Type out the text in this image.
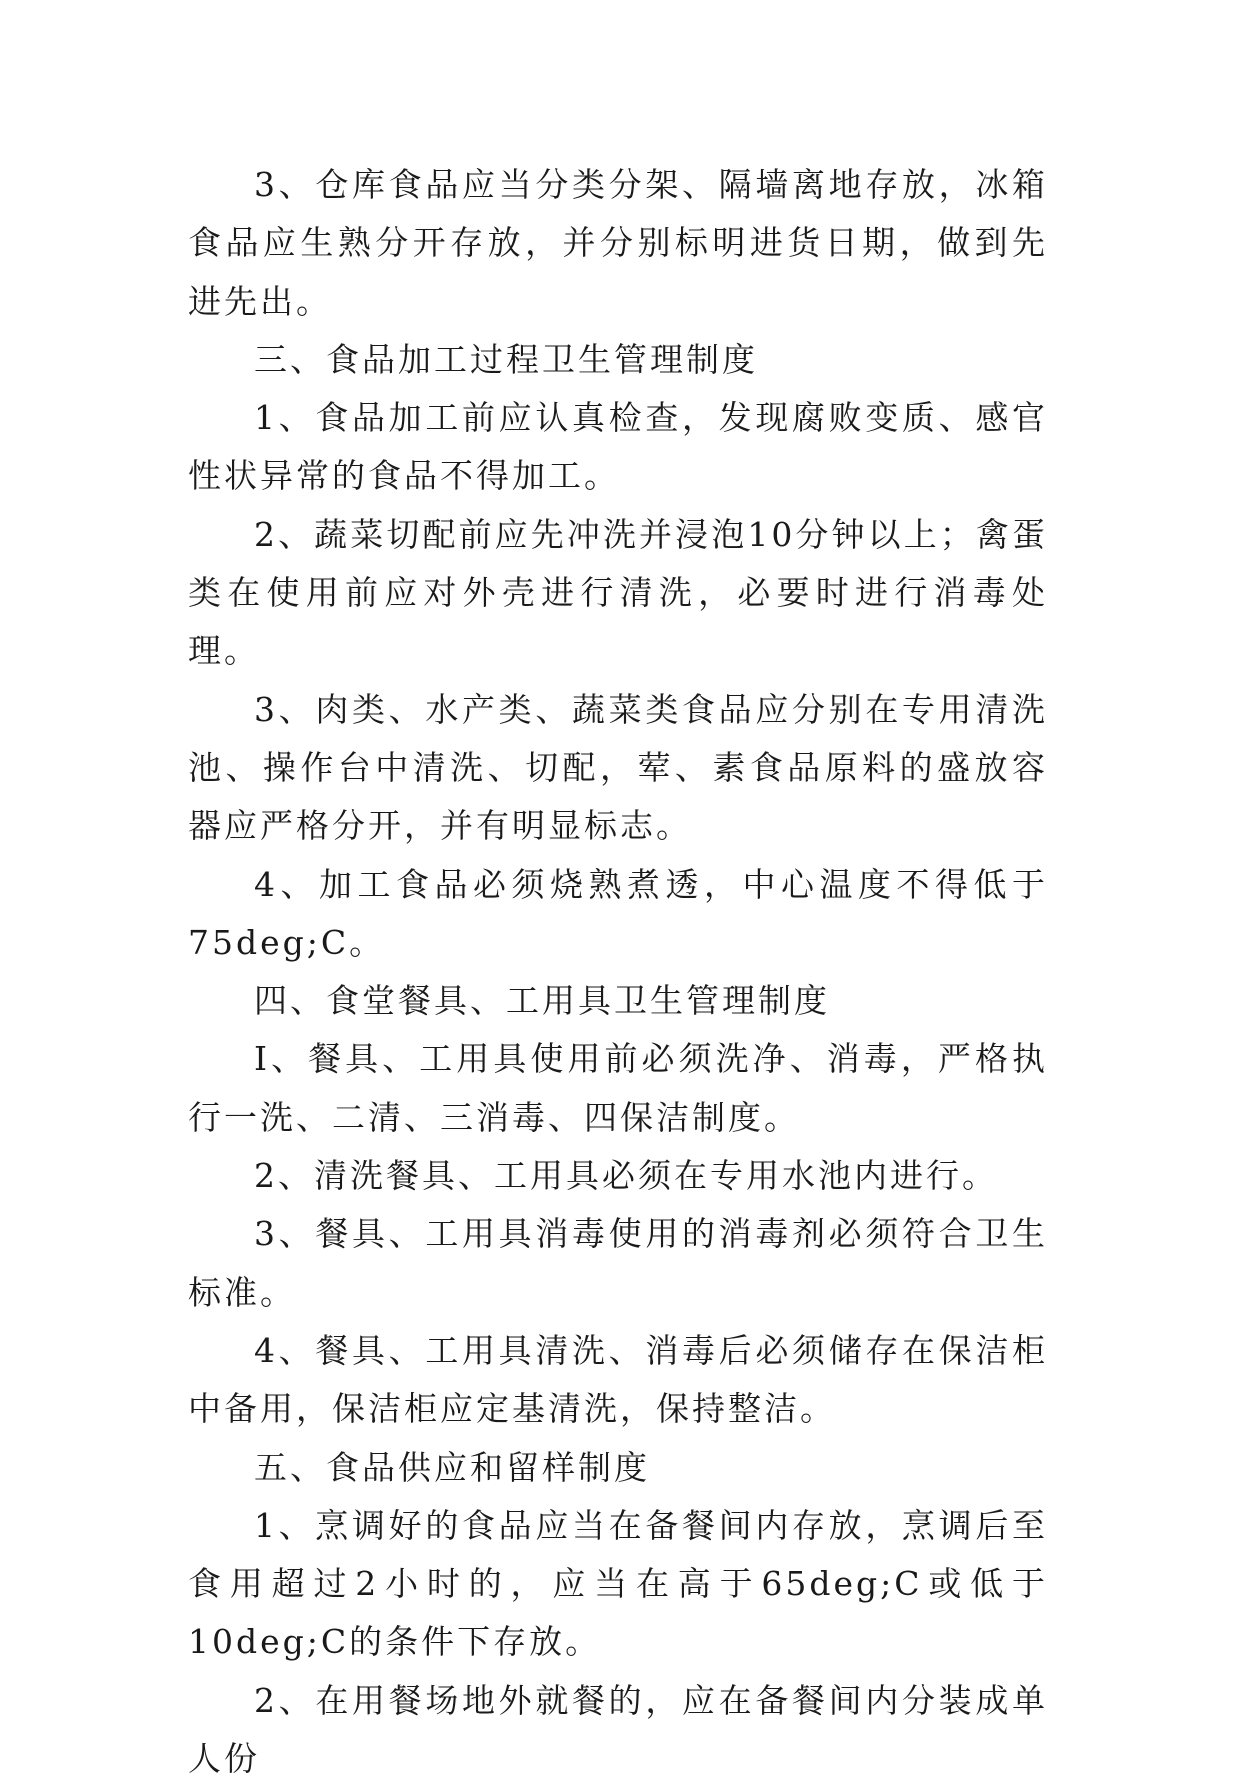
3、仓库食品应当分类分架、隔墙离地存放，冰箱食品应生熟分开存放，并分别标明进货日期，做到先进先出。

三、食品加工过程卫生管理制度

1、食品加工前应认真检查，发现腐败变质、感官性状异常的食品不得加工。

2、蔬菜切配前应先冲洗并浸泡10分钟以上；禽蛋类在使用前应对外壳进行清洗，必要时进行消毒处理。

3、肉类、水产类、蔬菜类食品应分别在专用清洗池、操作台中清洗、切配，荤、素食品原料的盛放容器应严格分开，并有明显标志。

4、加工食品必须烧熟煮透，中心温度不得低于75deg;C。

四、食堂餐具、工用具卫生管理制度

I、餐具、工用具使用前必须洗净、消毒，严格执行一洗、二清、三消毒、四保洁制度。

2、清洗餐具、工用具必须在专用水池内进行。

3、餐具、工用具消毒使用的消毒剂必须符合卫生标准。

4、餐具、工用具清洗、消毒后必须储存在保洁柜中备用，保洁柜应定基清洗，保持整洁。

五、食品供应和留样制度

1、烹调好的食品应当在备餐间内存放，烹调后至食用超过2小时的，应当在高于65deg;C或低于10deg;C的条件下存放。

2、在用餐场地外就餐的，应在备餐间内分装成单人份
